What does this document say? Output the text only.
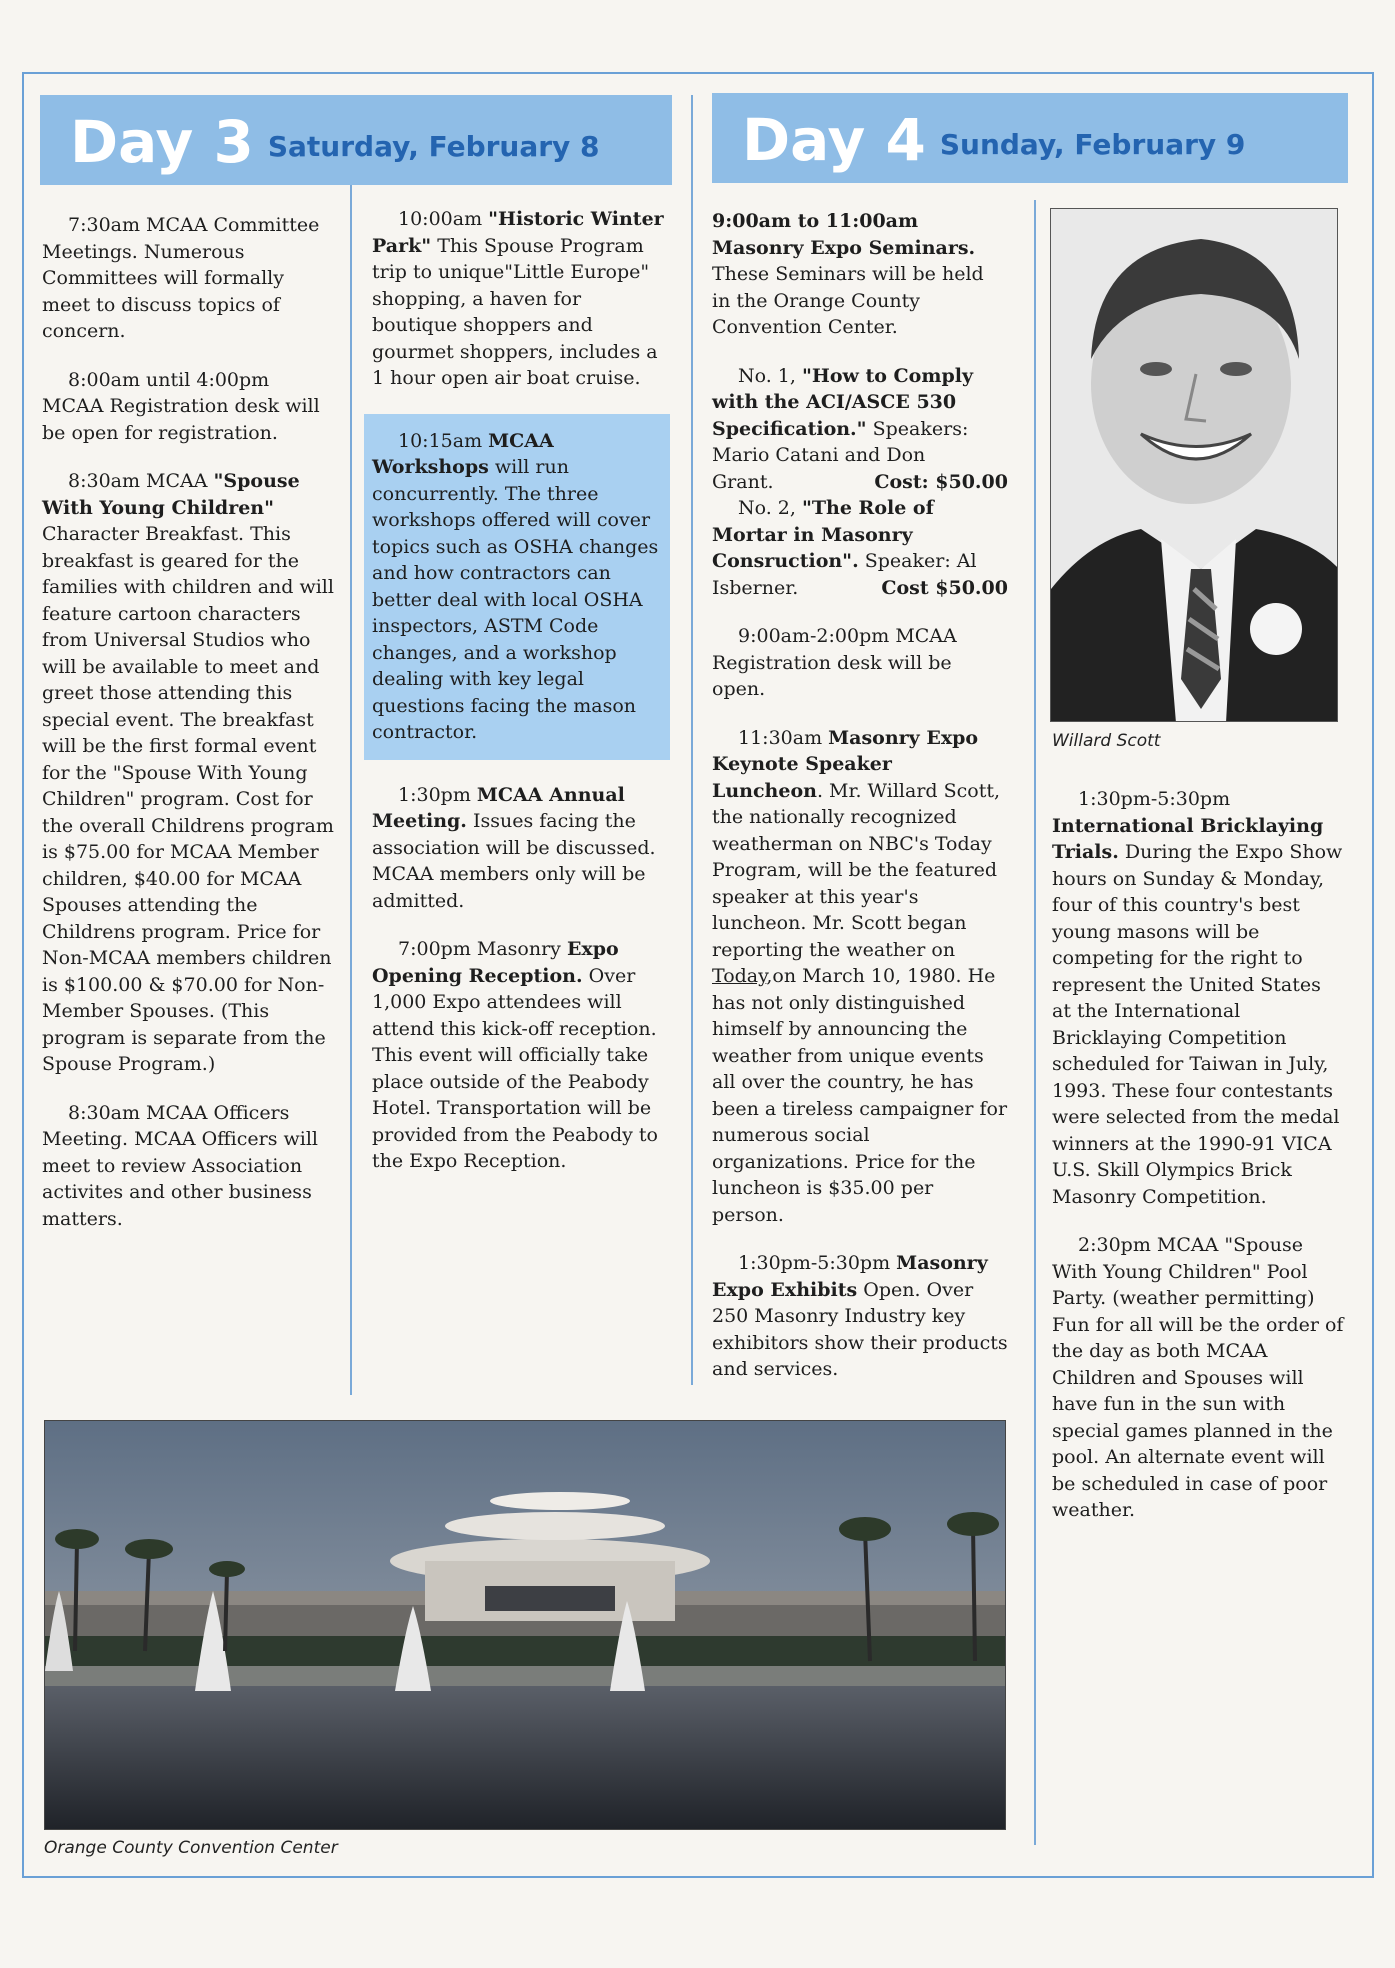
Day 3 Saturday, February 8 Day 4 Sunday, February 9

7:30am MCAA Committee Meetings. Numerous Committees will formally meet to discuss topics of concern.

8:00am until 4:00pm MCAA Registration desk will be open for registration.

8:30am MCAA "Spouse With Young Children" Character Breakfast. This breakfast is geared for the families with children and will feature cartoon characters from Universal Studios who will be available to meet and greet those attending this special event. The breakfast will be the first formal event for the "Spouse With Young Children" program. Cost for the overall Childrens program is $75.00 for MCAA Member children, $40.00 for MCAA Spouses attending the Childrens program. Price for Non-MCAA members children is $100.00 & $70.00 for Non-Member Spouses. (This program is separate from the Spouse Program.)

8:30am MCAA Officers Meeting. MCAA Officers will meet to review Association activites and other business matters.

10:00am "Historic Winter Park" This Spouse Program trip to unique"Little Europe" shopping, a haven for boutique shoppers and gourmet shoppers, includes a 1 hour open air boat cruise.

10:15am MCAA Workshops will run concurrently. The three workshops offered will cover topics such as OSHA changes and how contractors can better deal with local OSHA inspectors, ASTM Code changes, and a workshop dealing with key legal questions facing the mason contractor.

1:30pm MCAA Annual Meeting. Issues facing the association will be discussed. MCAA members only will be admitted.

7:00pm Masonry Expo Opening Reception. Over 1,000 Expo attendees will attend this kick-off reception. This event will officially take place outside of the Peabody Hotel. Transportation will be provided from the Peabody to the Expo Reception.

9:00am to 11:00am Masonry Expo Seminars. These Seminars will be held in the Orange County Convention Center.

No. 1, "How to Comply with the ACI/ASCE 530 Specification." Speakers: Mario Catani and Don

Grant.	Cost: $50.00

No. 2, "The Role of Mortar in Masonry Consruction". Speaker: Al

Isberner.	Cost $50.00

9:00am-2:00pm MCAA Registration desk will be open.

11:30am Masonry Expo Keynote Speaker Luncheon. Mr. Willard Scott, the nationally recognized weatherman on NBC's Today Program, will be the featured speaker at this year's luncheon. Mr. Scott began reporting the weather on Today,on March 10, 1980. He has not only distinguished himself by announcing the weather from unique events all over the country, he has been a tireless campaigner for numerous social organizations. Price for the luncheon is $35.00 per person.

1:30pm-5:30pm Masonry Expo Exhibits Open. Over 250 Masonry Industry key exhibitors show their products and services.

Willard Scott

1:30pm-5:30pm International Bricklaying Trials. During the Expo Show hours on Sunday & Monday, four of this country's best young masons will be competing for the right to represent the United States at the International Bricklaying Competition scheduled for Taiwan in July, 1993. These four contestants were selected from the medal winners at the 1990-91 VICA U.S. Skill Olympics Brick Masonry Competition.

2:30pm MCAA "Spouse With Young Children" Pool Party. (weather permitting) Fun for all will be the order of the day as both MCAA Children and Spouses will have fun in the sun with special games planned in the pool. An alternate event will be scheduled in case of poor weather.

Orange County Convention Center
